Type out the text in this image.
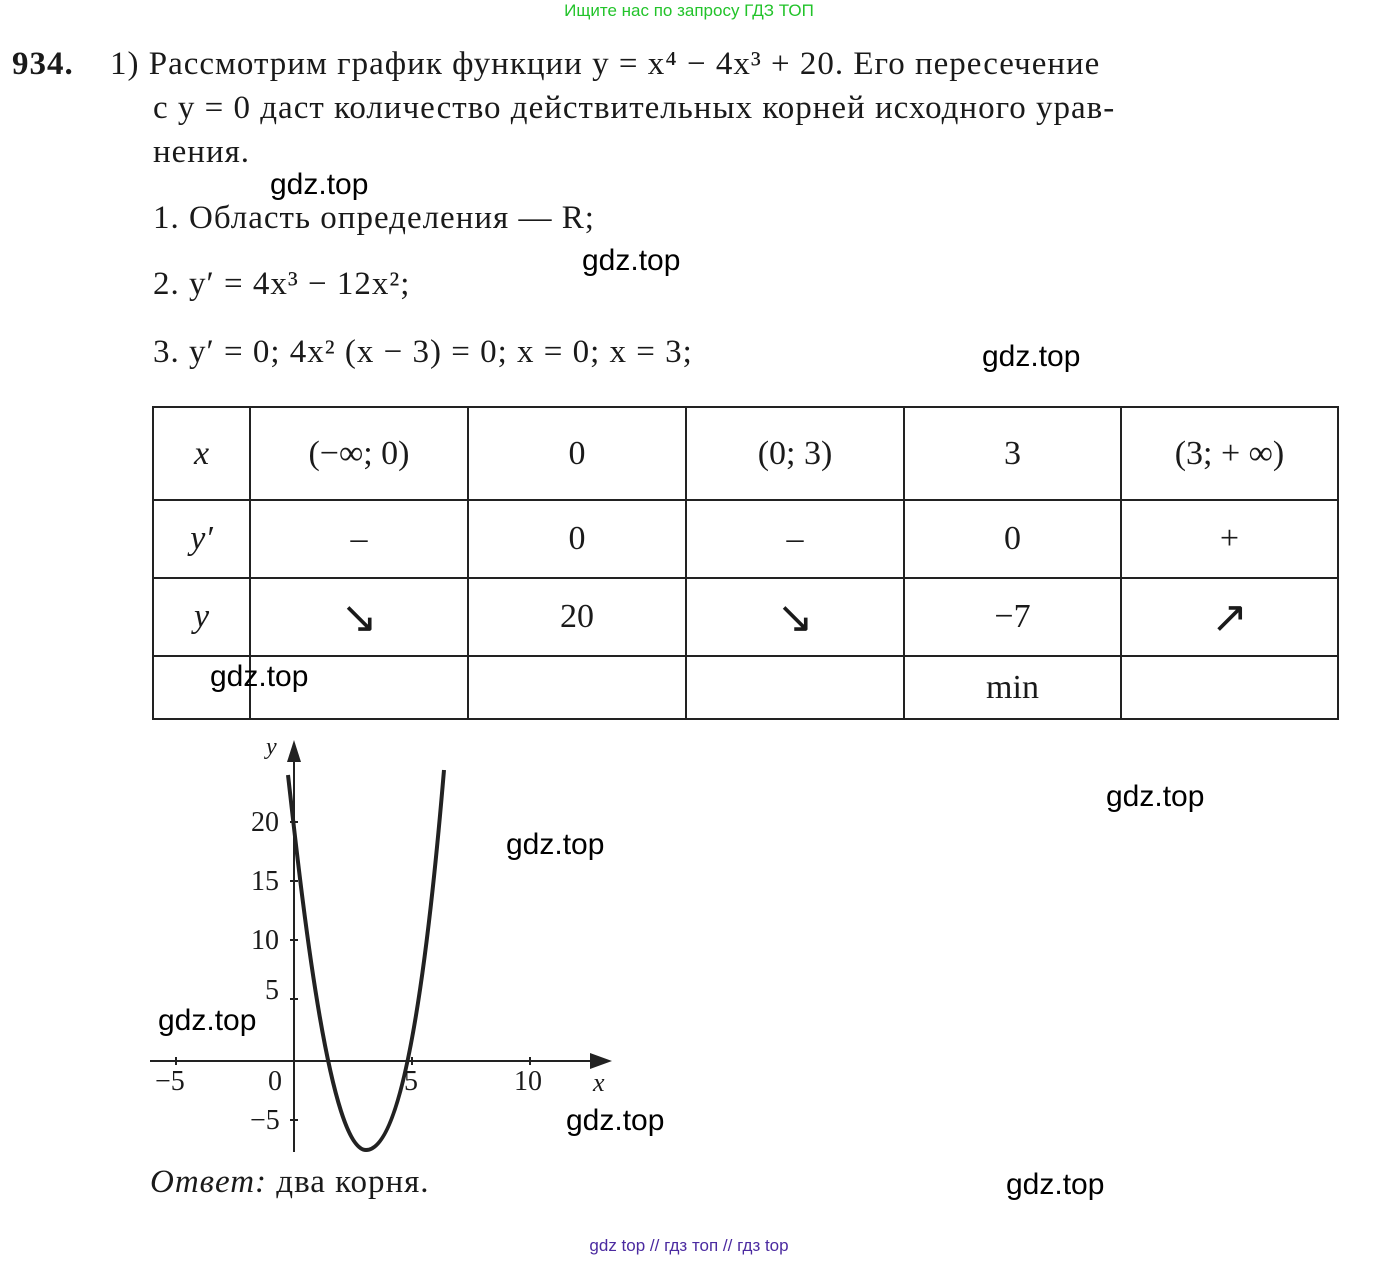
Ищите нас по запросу ГДЗ ТОП
934. 1) Рассмотрим график функции y = x⁴ − 4x³ + 20. Его пересечение
с y = 0 даст количество действительных корней исходного урав-
нения.
1. Область определения — R;
2. y′ = 4x³ − 12x²;
3. y′ = 0; 4x² (x − 3) = 0; x = 0; x = 3;
x	(−∞; 0)	0	(0; 3)	3	(3; + ∞)
y′	–	0	–	0	+
y	↘	20	↘	−7	↗
				min	
y
x
20
15
10
5
−5
−5	0	5	10
Ответ: два корня.
gdz.top
gdz.top
gdz.top
gdz.top
gdz.top
gdz.top
gdz.top
gdz.top
gdz.top
gdz top // гдз топ // гдз top
